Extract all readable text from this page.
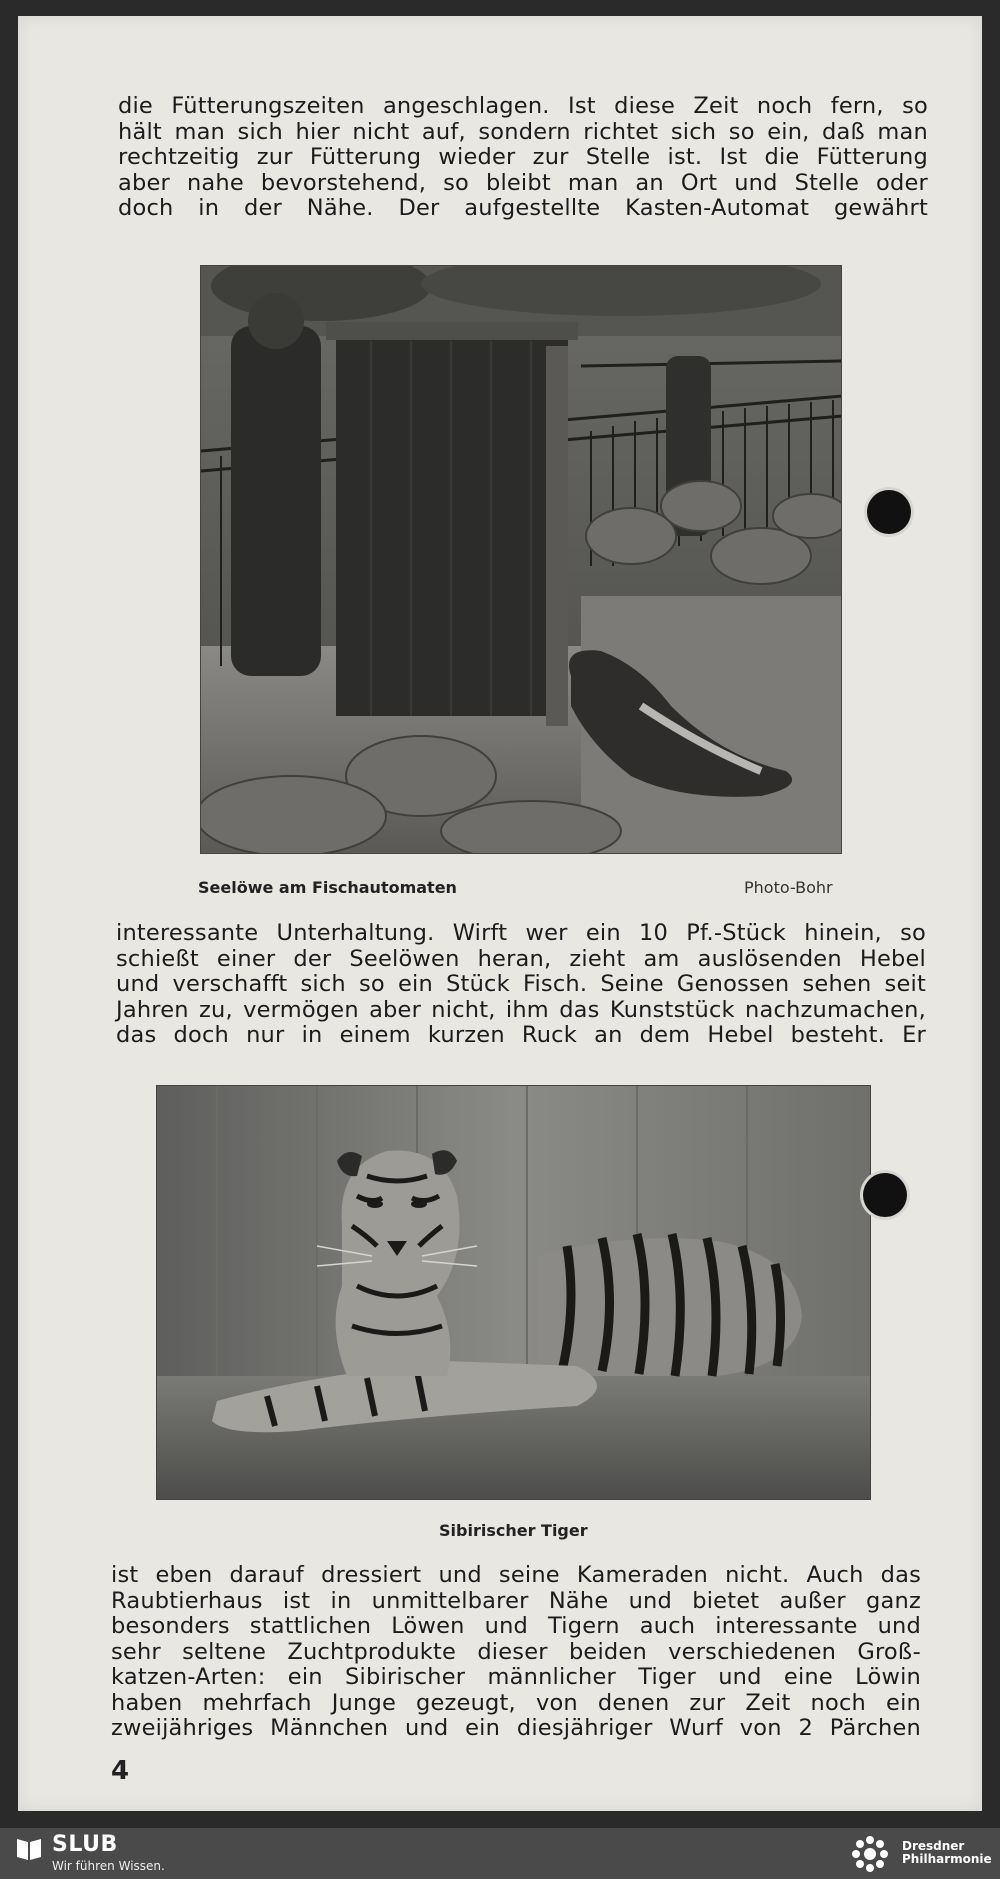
die Fütterungszeiten angeschlagen. Ist diese Zeit noch fern, so
hält man sich hier nicht auf, sondern richtet sich so ein, daß man
rechtzeitig zur Fütterung wieder zur Stelle ist. Ist die Fütterung
aber nahe bevorstehend, so bleibt man an Ort und Stelle oder
doch in der Nähe. Der aufgestellte Kasten-Automat gewährt
Seelöwe am Fischautomaten	Photo-Bohr
interessante Unterhaltung. Wirft wer ein 10 Pf.-Stück hinein, so
schießt einer der Seelöwen heran, zieht am auslösenden Hebel
und verschafft sich so ein Stück Fisch. Seine Genossen sehen seit
Jahren zu, vermögen aber nicht, ihm das Kunststück nachzumachen,
das doch nur in einem kurzen Ruck an dem Hebel besteht. Er
Sibirischer Tiger
ist eben darauf dressiert und seine Kameraden nicht. Auch das
Raubtierhaus ist in unmittelbarer Nähe und bietet außer ganz
besonders stattlichen Löwen und Tigern auch interessante und
sehr seltene Zuchtprodukte dieser beiden verschiedenen Groß-
katzen-Arten: ein Sibirischer männlicher Tiger und eine Löwin
haben mehrfach Junge gezeugt, von denen zur Zeit noch ein
zweijähriges Männchen und ein diesjähriger Wurf von 2 Pärchen
4
SLUB
Wir führen Wissen.
Dresdner
Philharmonie
